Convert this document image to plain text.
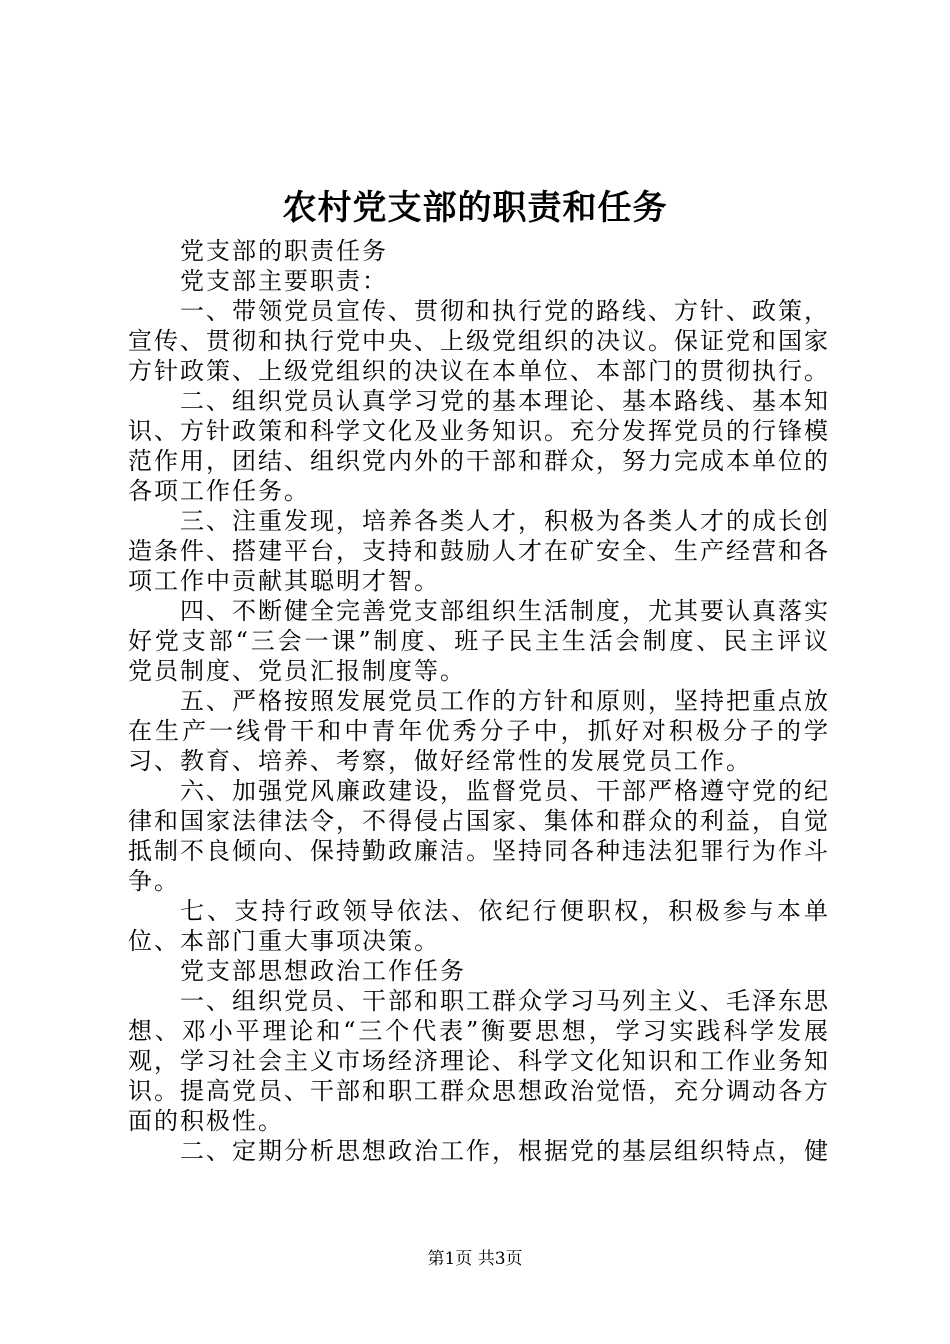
农村党支部的职责和任务

党支部的职责任务

党支部主要职责：

一、带领党员宣传、贯彻和执行党的路线、方针、政策，宣传、贯彻和执行党中央、上级党组织的决议。保证党和国家方针政策、上级党组织的决议在本单位、本部门的贯彻执行。

二、组织党员认真学习党的基本理论、基本路线、基本知识、方针政策和科学文化及业务知识。充分发挥党员的行锋模范作用，团结、组织党内外的干部和群众，努力完成本单位的各项工作任务。

三、注重发现，培养各类人才，积极为各类人才的成长创造条件、搭建平台，支持和鼓励人才在矿安全、生产经营和各项工作中贡献其聪明才智。

四、不断健全完善党支部组织生活制度，尤其要认真落实好党支部“三会一课”制度、班子民主生活会制度、民主评议党员制度、党员汇报制度等。

五、严格按照发展党员工作的方针和原则，坚持把重点放在生产一线骨干和中青年优秀分子中，抓好对积极分子的学习、教育、培养、考察，做好经常性的发展党员工作。

六、加强党风廉政建设，监督党员、干部严格遵守党的纪律和国家法律法令，不得侵占国家、集体和群众的利益，自觉抵制不良倾向、保持勤政廉洁。坚持同各种违法犯罪行为作斗争。

七、支持行政领导依法、依纪行便职权，积极参与本单位、本部门重大事项决策。

党支部思想政治工作任务

一、组织党员、干部和职工群众学习马列主义、毛泽东思想、邓小平理论和“三个代表”衡要思想，学习实践科学发展观，学习社会主义市场经济理论、科学文化知识和工作业务知识。提高党员、干部和职工群众思想政治觉悟，充分调动各方面的积极性。

二、定期分析思想政治工作，根据党的基层组织特点，健

第1页 共3页
